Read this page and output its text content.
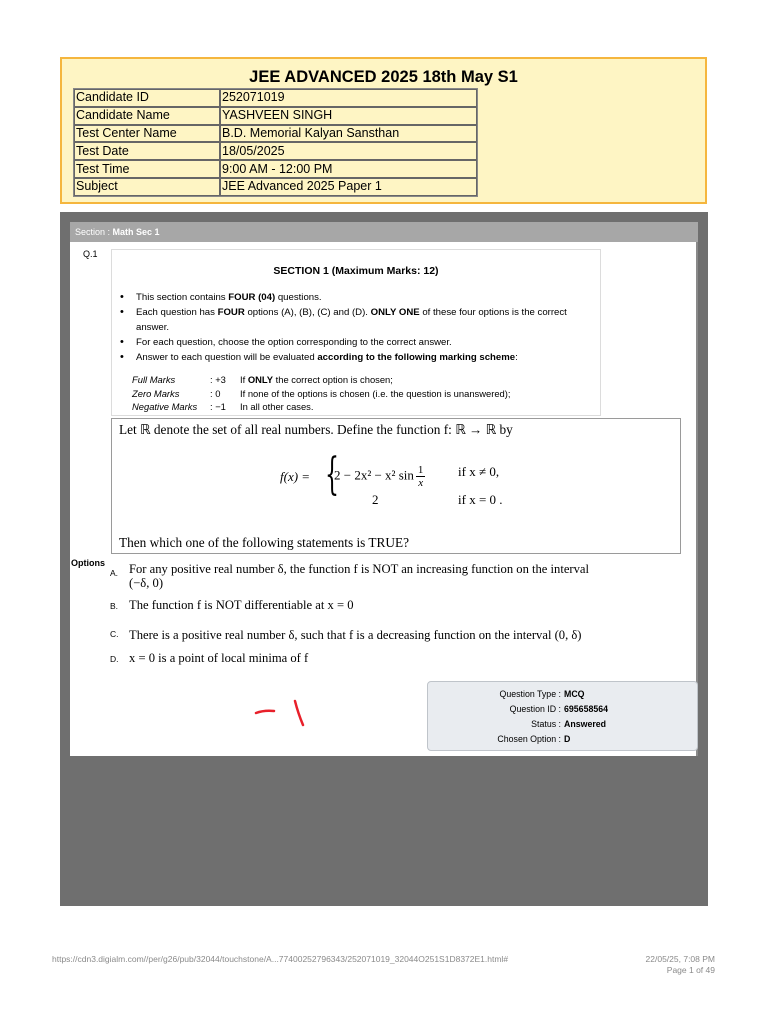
JEE ADVANCED 2025 18th May S1
Candidate ID	252071019
Candidate Name	YASHVEEN SINGH
Test Center Name	B.D. Memorial Kalyan Sansthan
Test Date	18/05/2025
Test Time	9:00 AM - 12:00 PM
Subject	JEE Advanced 2025 Paper 1
Section : Math Sec 1
Q.1
SECTION 1 (Maximum Marks: 12)
• This section contains FOUR (04) questions.
• Each question has FOUR options (A), (B), (C) and (D). ONLY ONE of these four options is the correct answer.
• For each question, choose the option corresponding to the correct answer.
• Answer to each question will be evaluated according to the following marking scheme:
Full Marks	: +3	If ONLY the correct option is chosen;
Zero Marks	: 0	If none of the options is chosen (i.e. the question is unanswered);
Negative Marks	: −1	In all other cases.
Let ℝ denote the set of all real numbers. Define the function f: ℝ → ℝ by
f(x) = {
2 − 2x² − x² $\sin \frac{1}{x}$	if x ≠ 0,
2	if x = 0 .
Then which one of the following statements is TRUE?
Options
A. For any positive real number δ, the function f is NOT an increasing function on the interval (−δ, 0)
B. The function f is NOT differentiable at x = 0
C. There is a positive real number δ, such that f is a decreasing function on the interval (0, δ)
D. x = 0 is a point of local minima of f
Question Type : MCQ
Question ID : 695658564
Status : Answered
Chosen Option : D
https://cdn3.digialm.com//per/g26/pub/32044/touchstone/A...77400252796343/252071019_32044O251S1D8372E1.html#	22/05/25, 7:08 PM
Page 1 of 49
